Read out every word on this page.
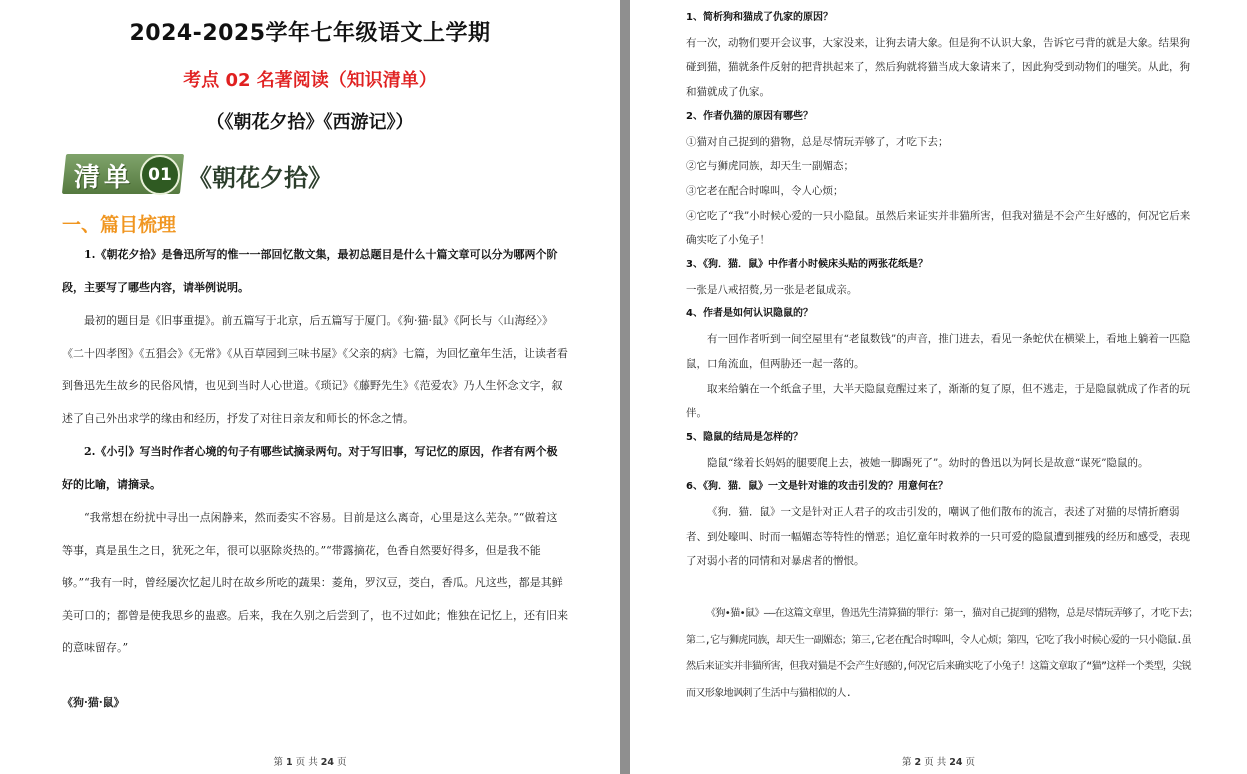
2024-2025学年七年级语文上学期
考点 02 名著阅读（知识清单）
（《朝花夕拾》《西游记》）
清单 01 《朝花夕拾》
一、篇目梳理

1.《朝花夕拾》是鲁迅所写的惟一一部回忆散文集，最初总题目是什么十篇文章可以分为哪两个阶段，主要写了哪些内容，请举例说明。

最初的题目是《旧事重提》。前五篇写于北京，后五篇写于厦门。《狗·猫·鼠》《阿长与〈山海经〉》《二十四孝图》《五猖会》《无常》《从百草园到三味书屋》《父亲的病》七篇，为回忆童年生活，让读者看到鲁迅先生故乡的民俗风情，也见到当时人心世道。《琐记》《藤野先生》《范爱农》乃人生怀念文字，叙述了自己外出求学的缘由和经历，抒发了对往日亲友和师长的怀念之情。

2.《小引》写当时作者心境的句子有哪些试摘录两句。对于写旧事，写记忆的原因，作者有两个极好的比喻，请摘录。

“我常想在纷扰中寻出一点闲静来，然而委实不容易。目前是这么离奇，心里是这么芜杂。”“做着这等事，真是虽生之日，犹死之年，很可以驱除炎热的。”“带露摘花，色香自然要好得多，但是我不能够。”“我有一时，曾经屡次忆起儿时在故乡所吃的蔬果：菱角，罗汉豆，茭白，香瓜。凡这些，都是其鲜美可口的；都曾是使我思乡的蛊惑。后来，我在久别之后尝到了，也不过如此；惟独在记忆上，还有旧来的意味留存。”

《狗·猫·鼠》
第 1 页 共 24 页

1、简析狗和猫成了仇家的原因？

有一次，动物们要开会议事，大家没来，让狗去请大象。但是狗不认识大象，告诉它弓背的就是大象。结果狗碰到猫，猫就条件反射的把背拱起来了，然后狗就将猫当成大象请来了，因此狗受到动物们的嗤笑。从此，狗和猫就成了仇家。

2、作者仇猫的原因有哪些？

①猫对自己捉到的猎物，总是尽情玩弄够了，才吃下去；

②它与狮虎同族，却天生一副媚态；

③它老在配合时嗥叫，令人心烦；

④它吃了“我”小时候心爱的一只小隐鼠。虽然后来证实并非猫所害，但我对猫是不会产生好感的，何况它后来确实吃了小兔子！

3、《狗．猫．鼠》中作者小时候床头贴的两张花纸是？

一张是八戒招赘,另一张是老鼠成亲。

4、作者是如何认识隐鼠的？

有一回作者听到一间空屋里有“老鼠数钱”的声音，推门进去，看见一条蛇伏在横梁上，看地上躺着一匹隐鼠，口角流血，但两胁还一起一落的。

取来给躺在一个纸盒子里，大半天隐鼠竟醒过来了，渐渐的复了原，但不逃走，于是隐鼠就成了作者的玩伴。

5、隐鼠的结局是怎样的？

隐鼠“缘着长妈妈的腿要爬上去，被她一脚踢死了”。幼时的鲁迅以为阿长是故意“谋死”隐鼠的。

6、《狗．猫．鼠》一文是针对谁的攻击引发的？用意何在？

《狗．猫．鼠》一文是针对正人君子的攻击引发的，嘲讽了他们散布的流言，表述了对猫的尽情折磨弱者、到处嚎叫、时而一幅媚态等特性的憎恶；追忆童年时救养的一只可爱的隐鼠遭到摧残的经历和感受，表现了对弱小者的同情和对暴虐者的憎恨。

《狗•猫•鼠》——在这篇文章里，鲁迅先生清算猫的罪行：第一，猫对自己捉到的猎物，总是尽情玩弄够了，才吃下去；第二,它与狮虎同族，却天生一副媚态；第三,它老在配合时嗥叫，令人心烦；第四，它吃了我小时候心爱的一只小隐鼠.虽然后来证实并非猫所害，但我对猫是不会产生好感的,何况它后来确实吃了小兔子！这篇文章取了“猫”这样一个类型，尖锐而又形象地讽刺了生活中与猫相似的人.

第 2 页 共 24 页
